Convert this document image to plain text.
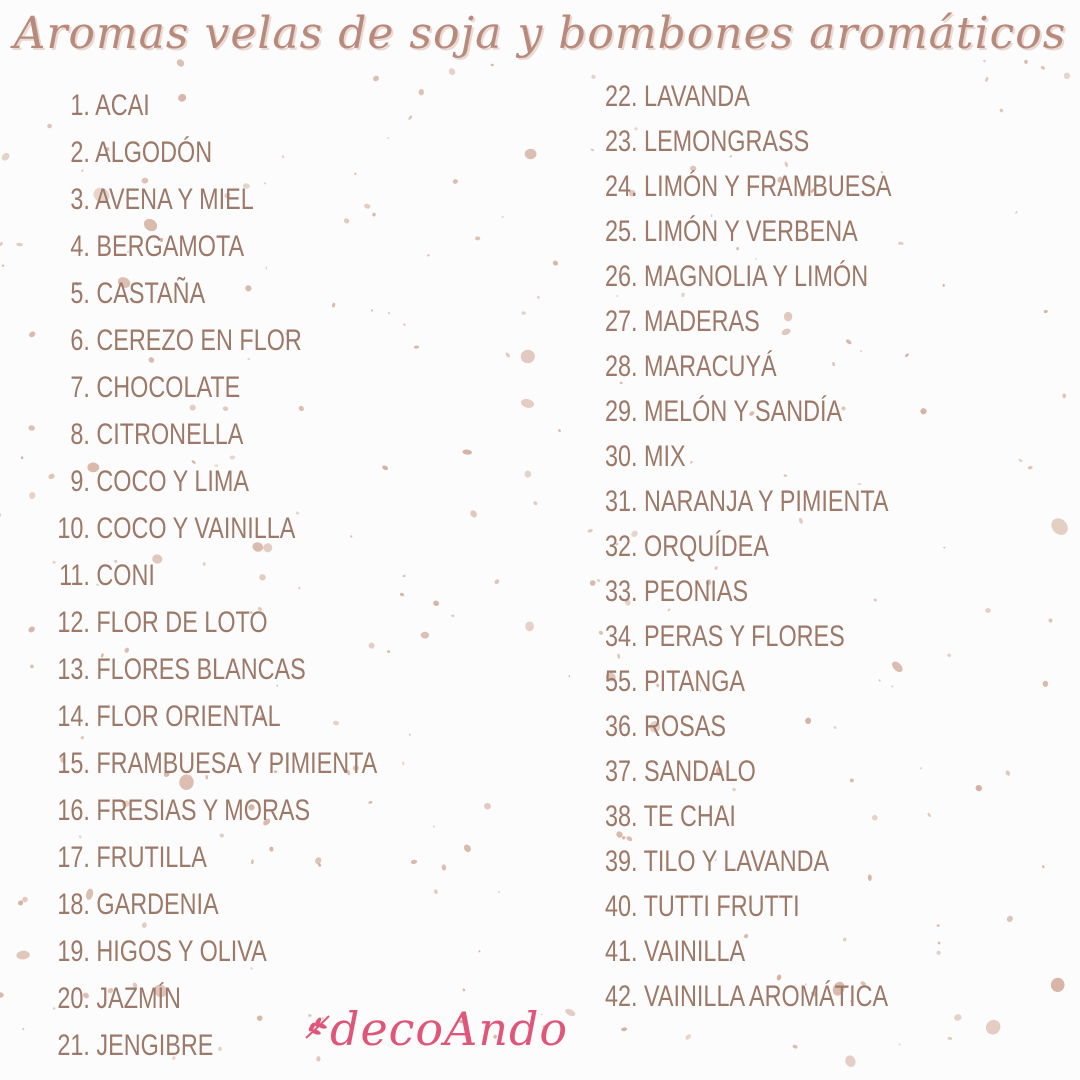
Aromas velas de soja y bombones aromáticos
1. ACAI
2. ALGODÓN
3. AVENA Y MIEL
4. BERGAMOTA
5. CASTAÑA
6. CEREZO EN FLOR
7. CHOCOLATE
8. CITRONELLA
9. COCO Y LIMA
10. COCO Y VAINILLA
11. CONI
12. FLOR DE LOTO
13. FLORES BLANCAS
14. FLOR ORIENTAL
15. FRAMBUESA Y PIMIENTA
16. FRESIAS Y MORAS
17. FRUTILLA
18. GARDENIA
19. HIGOS Y OLIVA
20. JAZMÍN
21. JENGIBRE
22. LAVANDA
23. LEMONGRASS
24. LIMÓN Y FRAMBUESA
25. LIMÓN Y VERBENA
26. MAGNOLIA Y LIMÓN
27. MADERAS
28. MARACUYÁ
29. MELÓN Y SANDÍA
30. MIX
31. NARANJA Y PIMIENTA
32. ORQUÍDEA
33. PEONIAS
34. PERAS Y FLORES
55. PITANGA
36. ROSAS
37. SANDALO
38. TE CHAI
39. TILO Y LAVANDA
40. TUTTI FRUTTI
41. VAINILLA
42. VAINILLA AROMÁTICA
decoAndo
